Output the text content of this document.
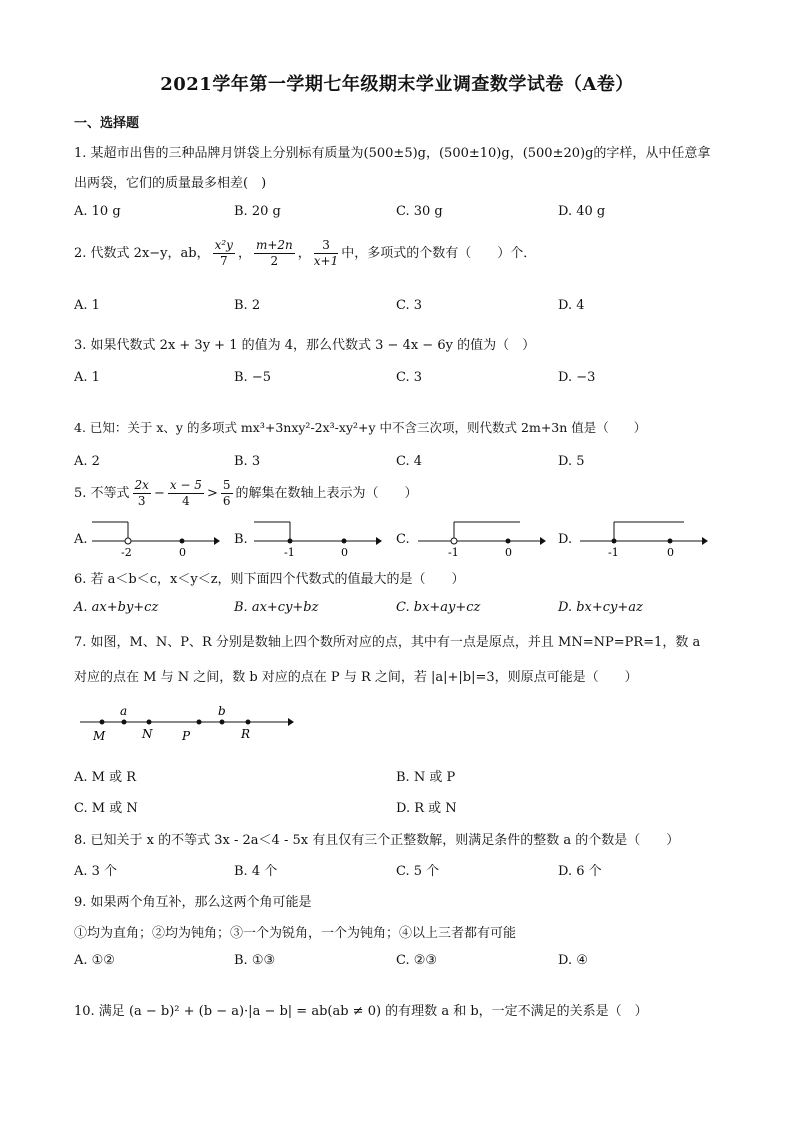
2021学年第一学期七年级期末学业调查数学试卷（A卷）
一、选择题
1. 某超市出售的三种品牌月饼袋上分别标有质量为(500±5)g，(500±10)g，(500±20)g的字样，从中任意拿
出两袋，它们的质量最多相差(　)
A. 10 g	B. 20 g	C. 30 g	D. 40 g
2. 代数式 2x−y，ab， $\frac{\text{x²y}}{7}$ ， $\frac{m+2n}{2}$ ， $\frac{3}{x+1}$ 中，多项式的个数有（　　）个．
A. 1	B. 2	C. 3	D. 4
3. 如果代数式 2x + 3y + 1 的值为 4，那么代数式 3 − 4x − 6y 的值为（　）
A. 1	B. −5	C. 3	D. −3
4. 已知：关于 x、y 的多项式 mx³+3nxy²-2x³-xy²+y 中不含三次项，则代数式 2m+3n 值是（　　）
A. 2	B. 3	C. 4	D. 5
5. 不等式 $\frac{2x}{3} - \frac{x - 5}{4} > \frac{5}{6}$ 的解集在数轴上表示为（　　）
A.
-2	0
B.
-1	0
C.
-1	0
D.
-1	0
6. 若 a＜b＜c，x＜y＜z，则下面四个代数式的值最大的是（　　）
A. ax+by+cz	B. ax+cy+bz	C. bx+ay+cz	D. bx+cy+az
7. 如图，M、N、P、R 分别是数轴上四个数所对应的点，其中有一点是原点，并且 MN=NP=PR=1，数 a
对应的点在 M 与 N 之间，数 b 对应的点在 P 与 R 之间，若 |a|+|b|=3，则原点可能是（　　）
a	b
M	N P	R
A. M 或 R	B. N 或 P
C. M 或 N	D. R 或 N
8. 已知关于 x 的不等式 3x - 2a＜4 - 5x 有且仅有三个正整数解，则满足条件的整数 a 的个数是（　　）
A. 3 个	B. 4 个	C. 5 个	D. 6 个
9. 如果两个角互补，那么这两个角可能是
①均为直角；②均为钝角；③一个为锐角，一个为钝角；④以上三者都有可能
A. ①②	B. ①③	C. ②③	D. ④
10. 满足 (a − b)² + (b − a)·|a − b| = ab(ab ≠ 0) 的有理数 a 和 b，一定不满足的关系是（　）
